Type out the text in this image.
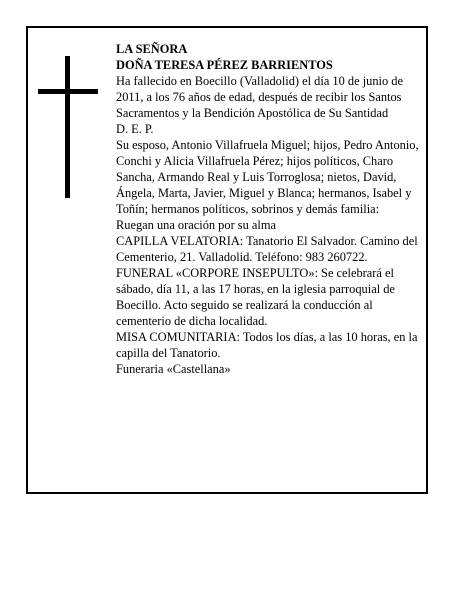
LA SEÑORA

DOÑA TERESA PÉREZ BARRIENTOS

Ha fallecido en Boecillo (Valladolid) el día 10 de junio de 2011, a los 76 años de edad, después de recibir los Santos Sacramentos y la Bendición Apostólica de Su Santidad

D. E. P.

Su esposo, Antonio Villafruela Miguel; hijos, Pedro Antonio, Conchi y Alicia Villafruela Pérez; hijos políticos, Charo Sancha, Armando Real y Luis Torroglosa; nietos, David, Ángela, Marta, Javier, Miguel y Blanca; hermanos, Isabel y Toñín; hermanos políticos, sobrinos y demás familia:

Ruegan una oración por su alma

CAPILLA VELATORIA: Tanatorio El Salvador. Camino del Cementerio, 21. Valladolid. Teléfono: 983 260722.

FUNERAL «CORPORE INSEPULTO»: Se celebrará el sábado, día 11, a las 17 horas, en la iglesia parroquial de Boecillo. Acto seguido se realizará la conducción al cementerio de dicha localidad.

MISA COMUNITARIA: Todos los días, a las 10 horas, en la capilla del Tanatorio.

Funeraria «Castellana»
